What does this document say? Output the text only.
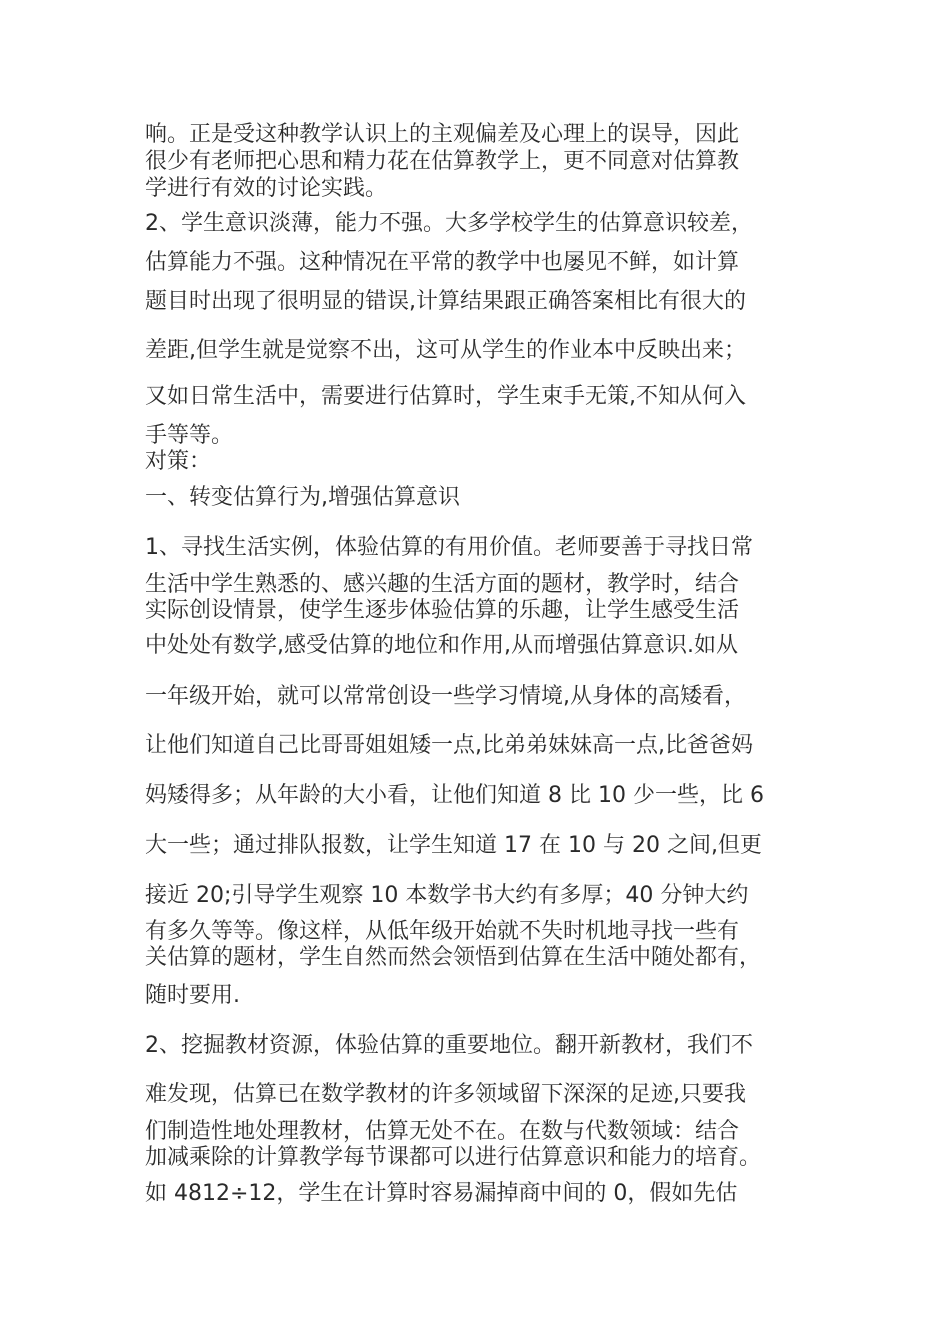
响。正是受这种教学认识上的主观偏差及心理上的误导，因此
很少有老师把心思和精力花在估算教学上，更不同意对估算教
学进行有效的讨论实践。
2、学生意识淡薄，能力不强。大多学校学生的估算意识较差，
估算能力不强。这种情况在平常的教学中也屡见不鲜，如计算
题目时出现了很明显的错误,计算结果跟正确答案相比有很大的
差距,但学生就是觉察不出，这可从学生的作业本中反映出来；
又如日常生活中，需要进行估算时，学生束手无策,不知从何入
手等等。
对策：
一、转变估算行为,增强估算意识
1、寻找生活实例，体验估算的有用价值。老师要善于寻找日常
生活中学生熟悉的、感兴趣的生活方面的题材，教学时，结合
实际创设情景，使学生逐步体验估算的乐趣，让学生感受生活
中处处有数学,感受估算的地位和作用,从而增强估算意识.如从
一年级开始，就可以常常创设一些学习情境,从身体的高矮看，
让他们知道自己比哥哥姐姐矮一点,比弟弟妹妹高一点,比爸爸妈
妈矮得多；从年龄的大小看，让他们知道 8 比 10 少一些，比 6
大一些；通过排队报数，让学生知道 17 在 10 与 20 之间,但更
接近 20;引导学生观察 10 本数学书大约有多厚；40 分钟大约
有多久等等。像这样，从低年级开始就不失时机地寻找一些有
关估算的题材，学生自然而然会领悟到估算在生活中随处都有，
随时要用.
2、挖掘教材资源，体验估算的重要地位。翻开新教材，我们不
难发现，估算已在数学教材的许多领域留下深深的足迹,只要我
们制造性地处理教材，估算无处不在。在数与代数领域：结合
加减乘除的计算教学每节课都可以进行估算意识和能力的培育。
如 4812÷12，学生在计算时容易漏掉商中间的 0，假如先估
